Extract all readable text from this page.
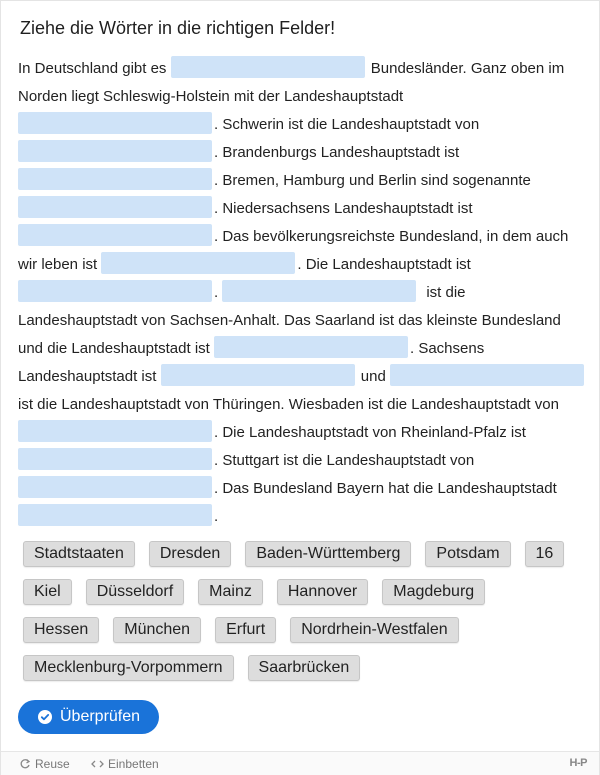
Ziehe die Wörter in die richtigen Felder!
In Deutschland gibt es	Bundesländer. Ganz oben im Norden liegt Schleswig-Holstein mit der Landeshauptstadt . Schwerin ist die Landeshauptstadt von . Brandenburgs Landeshauptstadt ist . Bremen, Hamburg und Berlin sind sogenannte . Niedersachsens Landeshauptstadt ist . Das bevölkerungsreichste Bundesland, in dem auch wir leben ist	. Die Landeshauptstadt ist .	ist die Landeshauptstadt von Sachsen-Anhalt. Das Saarland ist das kleinste Bundesland und die Landeshauptstadt ist	. Sachsens Landeshauptstadt ist	und  ist die Landeshauptstadt von Thüringen. Wiesbaden ist die Landeshauptstadt von . Die Landeshauptstadt von Rheinland-Pfalz ist . Stuttgart ist die Landeshauptstadt von . Das Bundesland Bayern hat die Landeshauptstadt .
Stadtstaaten	Dresden	Baden-Württemberg	Potsdam	16
Kiel	Düsseldorf	Mainz	Hannover	Magdeburg
Hessen	München	Erfurt	Nordrhein-Westfalen
Mecklenburg-Vorpommern	Saarbrücken
Überprüfen
Reuse	Einbetten	H-P
